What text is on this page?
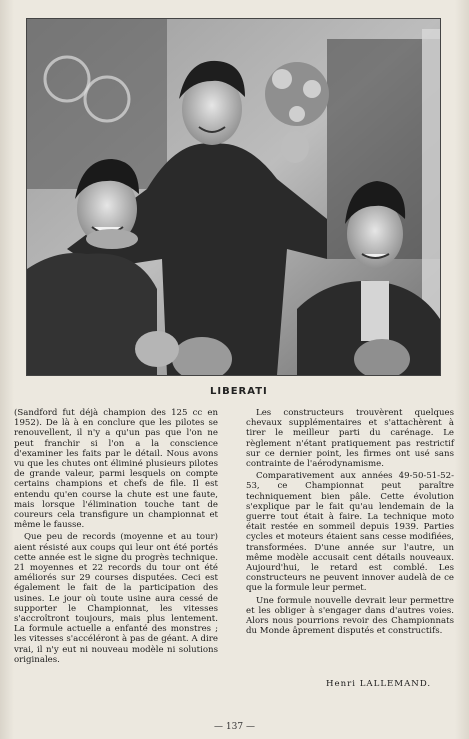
LIBERATI

(Sandford fut déjà champion des 125 cc en 1952). De là à en conclure que les pilotes se renouvellent, il n'y a qu'un pas que l'on ne peut franchir si l'on a la conscience d'examiner les faits par le détail. Nous avons vu que les chutes ont éliminé plusieurs pilotes de grande valeur, parmi lesquels on compte certains champions et chefs de file. Il est entendu qu'en course la chute est une faute, mais lorsque l'élimination touche tant de coureurs cela transfigure un championnat et même le fausse.

Que peu de records (moyenne et au tour) aient résisté aux coups qui leur ont été portés cette année est le signe du progrès technique. 21 moyennes et 22 records du tour ont été améliorés sur 29 courses disputées. Ceci est également le fait de la participation des usines. Le jour où toute usine aura cessé de supporter le Championnat, les vitesses s'accroîtront toujours, mais plus lentement. La formule actuelle a enfanté des monstres ; les vitesses s'accéléront à pas de géant. A dire vrai, il n'y eut ni nouveau modèle ni solutions originales.

Les constructeurs trouvèrent quelques chevaux supplémentaires et s'attachèrent à tirer le meilleur parti du carénage. Le règlement n'étant pratiquement pas restrictif sur ce dernier point, les firmes ont usé sans contrainte de l'aérodynamisme.

Comparativement aux années 49-50-51-52-53, ce Championnat peut paraître techniquement bien pâle. Cette évolution s'explique par le fait qu'au lendemain de la guerre tout était à faire. La technique moto était restée en sommeil depuis 1939. Parties cycles et moteurs étaient sans cesse modifiées, transformées. D'une année sur l'autre, un même modèle accusait cent détails nouveaux. Aujourd'hui, le retard est comblé. Les constructeurs ne peuvent innover audelà de ce que la formule leur permet.

Une formule nouvelle devrait leur permettre et les obliger à s'engager dans d'autres voies. Alors nous pourrions revoir des Championnats du Monde âprement disputés et constructifs.

Henri LALLEMAND.
— 137 —
